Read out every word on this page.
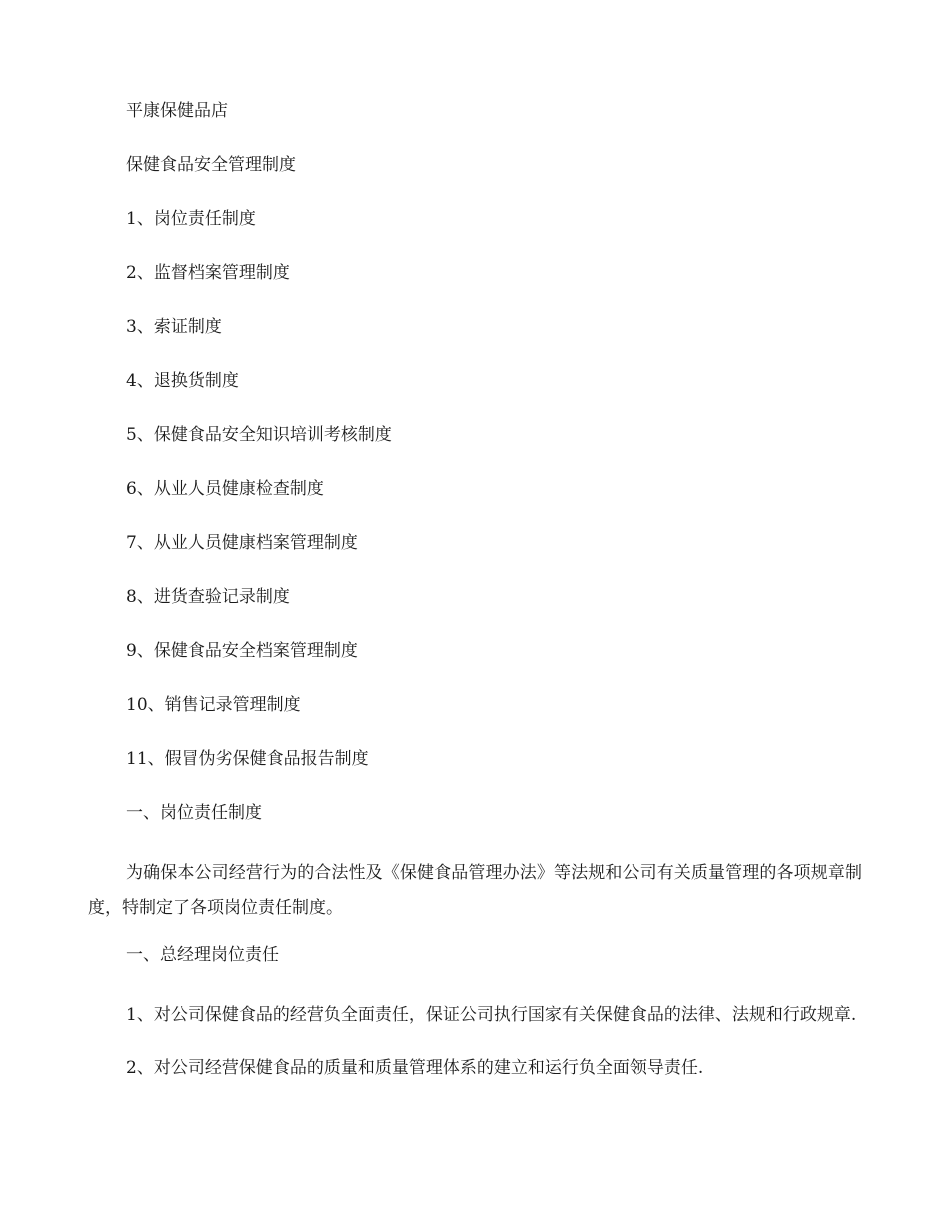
平康保健品店

保健食品安全管理制度

1、岗位责任制度

2、监督档案管理制度

3、索证制度

4、退换货制度

5、保健食品安全知识培训考核制度

6、从业人员健康检查制度

7、从业人员健康档案管理制度

8、进货查验记录制度

9、保健食品安全档案管理制度

10、销售记录管理制度

11、假冒伪劣保健食品报告制度

一、岗位责任制度

为确保本公司经营行为的合法性及《保健食品管理办法》等法规和公司有关质量管理的各项规章制度，特制定了各项岗位责任制度。

一、总经理岗位责任

1、对公司保健食品的经营负全面责任，保证公司执行国家有关保健食品的法律、法规和行政规章.

2、对公司经营保健食品的质量和质量管理体系的建立和运行负全面领导责任.
